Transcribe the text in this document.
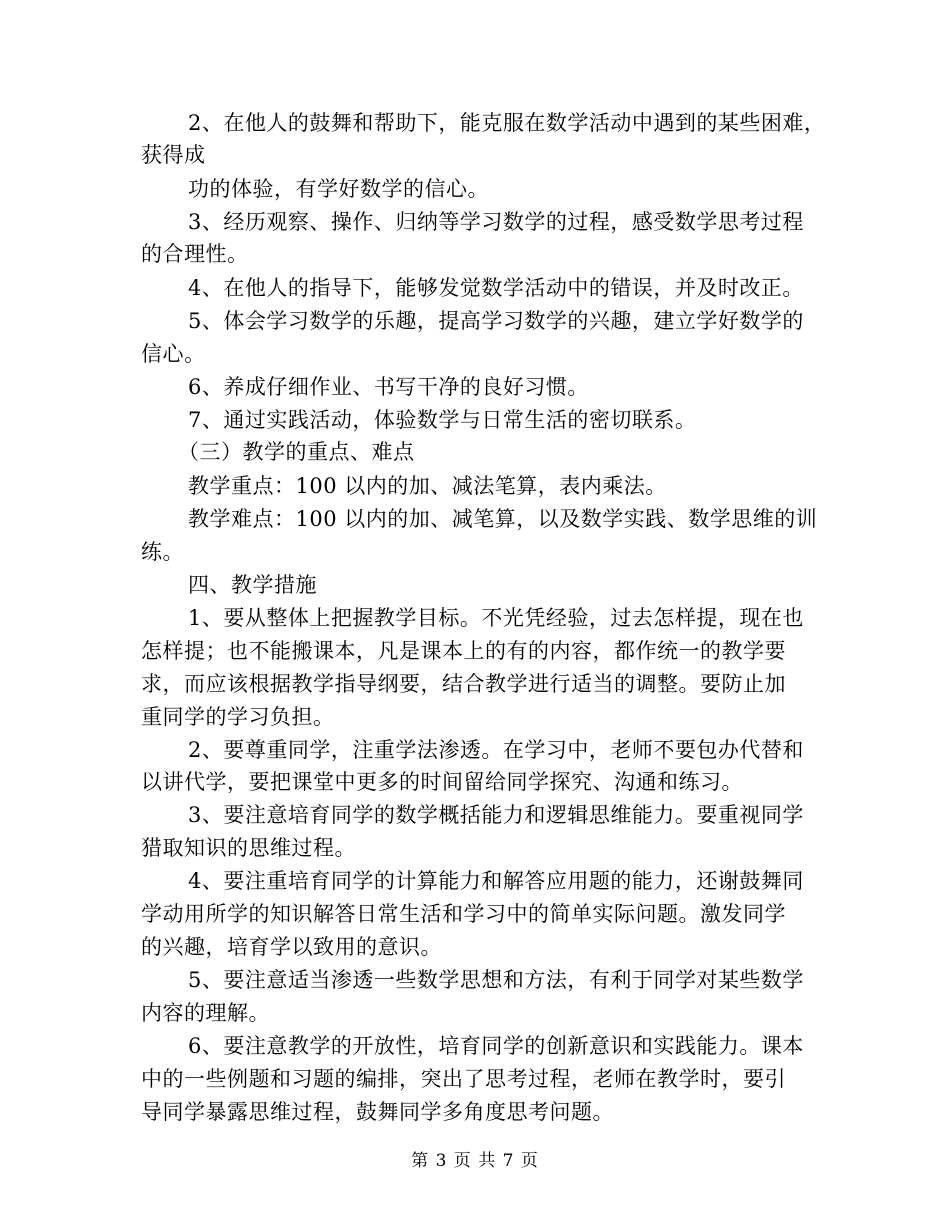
2、在他人的鼓舞和帮助下，能克服在数学活动中遇到的某些困难，
获得成
功的体验，有学好数学的信心。
3、经历观察、操作、归纳等学习数学的过程，感受数学思考过程
的合理性。
4、在他人的指导下，能够发觉数学活动中的错误，并及时改正。
5、体会学习数学的乐趣，提高学习数学的兴趣，建立学好数学的
信心。
6、养成仔细作业、书写干净的良好习惯。
7、通过实践活动，体验数学与日常生活的密切联系。
（三）教学的重点、难点
教学重点：100 以内的加、减法笔算，表内乘法。
教学难点：100 以内的加、减笔算，以及数学实践、数学思维的训
练。
四、教学措施
1、要从整体上把握教学目标。不光凭经验，过去怎样提，现在也
怎样提；也不能搬课本，凡是课本上的有的内容，都作统一的教学要
求，而应该根据教学指导纲要，结合教学进行适当的调整。要防止加
重同学的学习负担。
2、要尊重同学，注重学法渗透。在学习中，老师不要包办代替和
以讲代学，要把课堂中更多的时间留给同学探究、沟通和练习。
3、要注意培育同学的数学概括能力和逻辑思维能力。要重视同学
猎取知识的思维过程。
4、要注重培育同学的计算能力和解答应用题的能力，还谢鼓舞同
学动用所学的知识解答日常生活和学习中的简单实际问题。激发同学
的兴趣，培育学以致用的意识。
5、要注意适当渗透一些数学思想和方法，有利于同学对某些数学
内容的理解。
6、要注意教学的开放性，培育同学的创新意识和实践能力。课本
中的一些例题和习题的编排，突出了思考过程，老师在教学时，要引
导同学暴露思维过程，鼓舞同学多角度思考问题。
第 3 页 共 7 页
